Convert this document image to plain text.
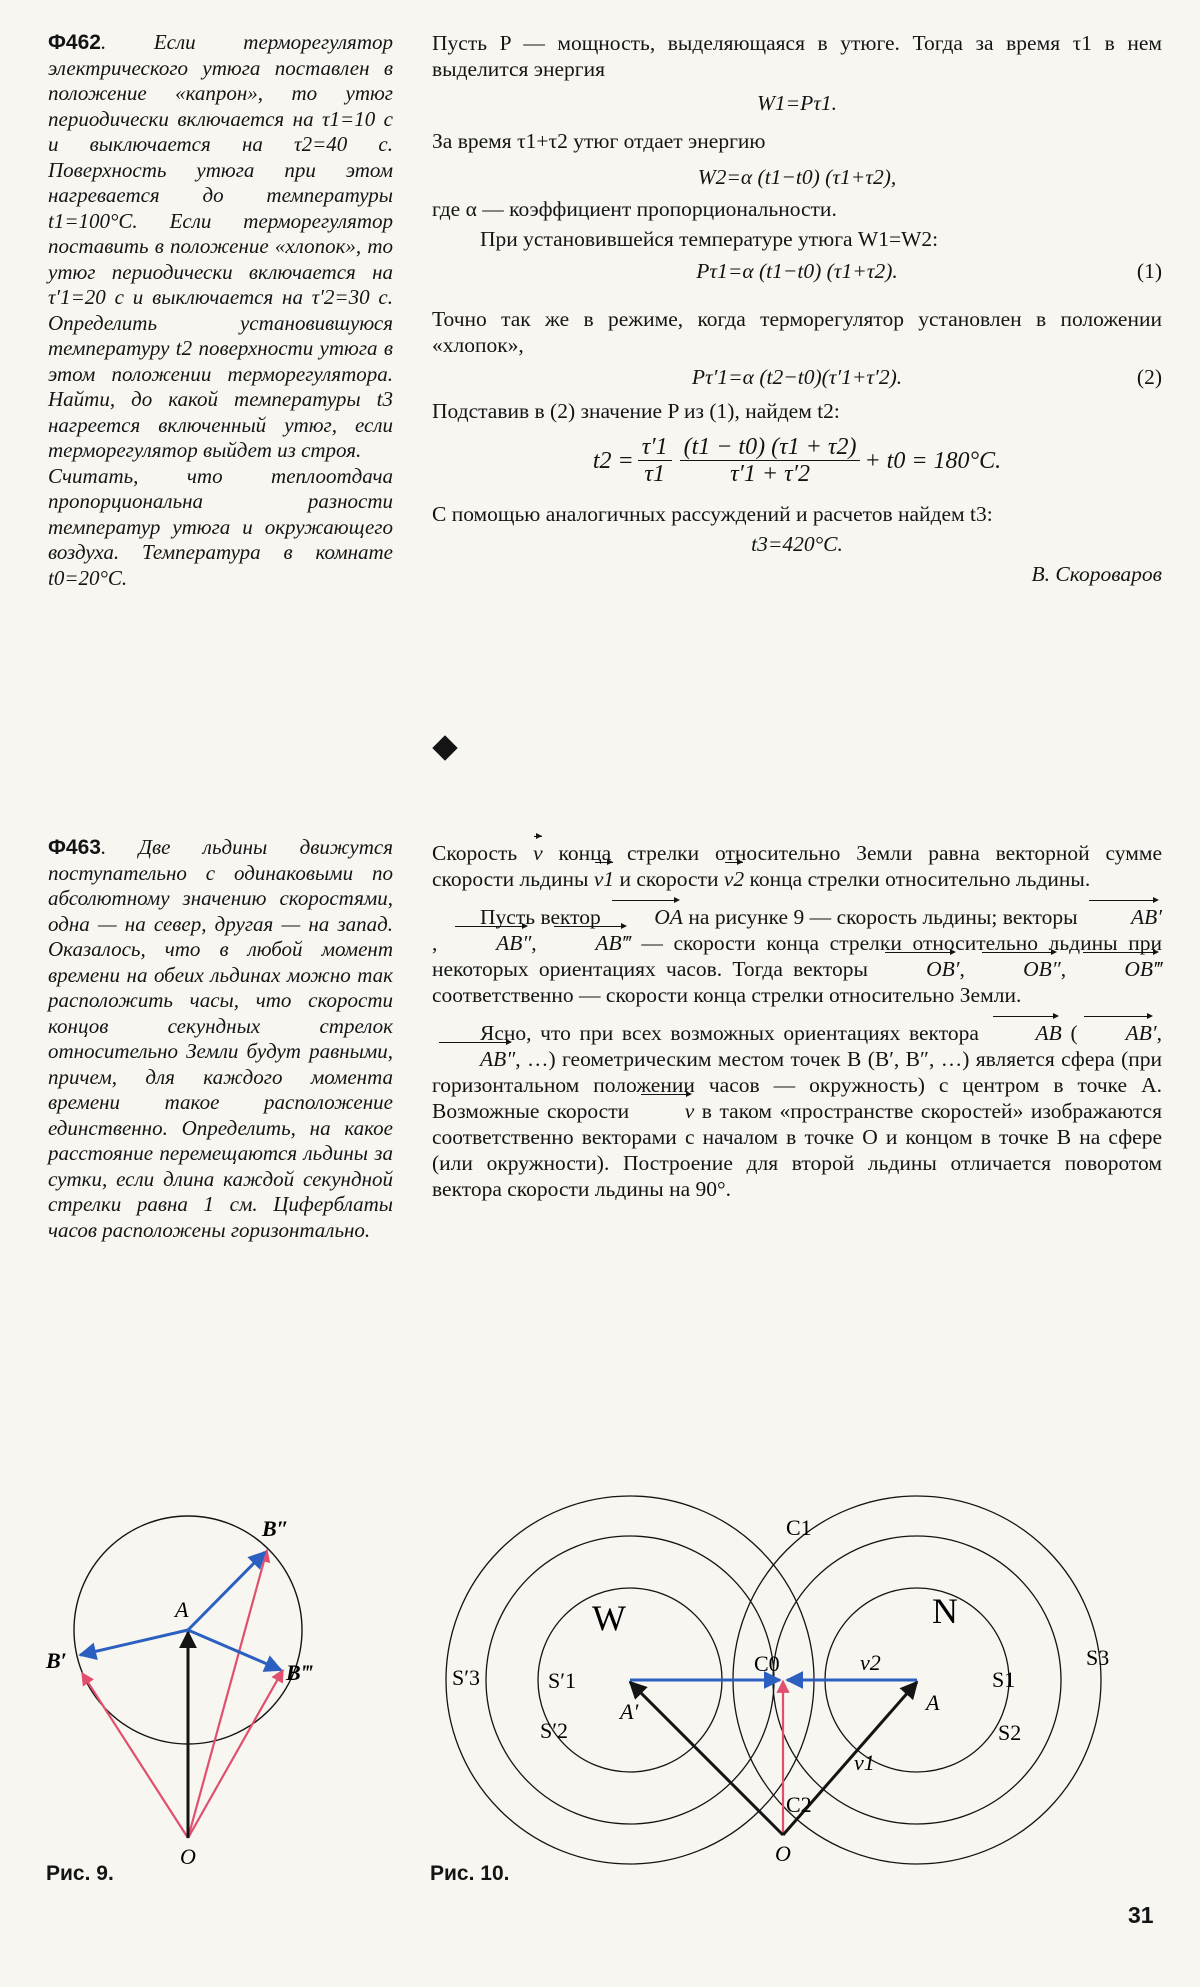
Ф462. Если терморегулятор электрического утюга поставлен в положение «капрон», то утюг периодически включается на τ1=10 с и выключается на τ2=40 с. Поверхность утюга при этом нагревается до температуры t1=100°C. Если терморегулятор поставить в положение «хлопок», то утюг периодически включается на τ′1=20 с и выключается на τ′2=30 с. Определить установившуюся температуру t2 поверхности утюга в этом положении терморегулятора. Найти, до какой температуры t3 нагреется включенный утюг, если терморегулятор выйдет из строя.

Считать, что теплоотдача пропорциональна разности температур утюга и окружающего воздуха. Температура в комнате t0=20°C.

Пусть P — мощность, выделяющаяся в утюге. Тогда за время τ1 в нем выделится энергия

W1=Pτ1.

За время τ1+τ2 утюг отдает энергию

W2=α (t1−t0) (τ1+τ2),

где α — коэффициент пропорциональности.

При установившейся температуре утюга W1=W2:

Pτ1=α (t1−t0) (τ1+τ2).	(1)

Точно так же в режиме, когда терморегулятор установлен в положении «хлопок»,

Pτ′1=α (t2−t0)(τ′1+τ′2).	(2)

Подставив в (2) значение P из (1), найдем t2:

$t2 = \frac{\tau'1}{\tau 1} \frac{(t1 - t0) (\tau 1 + \tau 2)}{\tau'1 + \tau'2} + t0 = 180^\circ C$.

С помощью аналогичных рассуждений и расчетов найдем t3:

t3=420°C.

В. Скороваров

Ф463. Две льдины движутся поступательно с одинаковыми по абсолютному значению скоростями, одна — на север, другая — на запад. Оказалось, что в любой момент времени на обеих льдинах можно так расположить часы, что скорости концов секундных стрелок относительно Земли будут равными, причем, для каждого момента времени такое расположение единственно. Определить, на какое расстояние перемещаются льдины за сутки, если длина каждой секундной стрелки равна 1 см. Циферблаты часов расположены горизонтально.

Скорость v конца стрелки относительно Земли равна векторной сумме скорости льдины v1 и скорости v2 конца стрелки относительно льдины.

Пусть вектор OA на рисунке 9 — скорость льдины; векторы AB′, AB″, AB‴ — скорости конца стрелки относительно льдины при некоторых ориентациях часов. Тогда векторы OB′, OB″, OB‴ соответственно — скорости конца стрелки относительно Земли.

Ясно, что при всех возможных ориентациях вектора AB ( AB′, AB″, …) геометрическим местом точек B (B′, B″, …) является сфера (при горизонтальном положении часов — окружность) с центром в точке A. Возможные скорости v в таком «пространстве скоростей» изображаются соответственно векторами с началом в точке O и концом в точке B на сфере (или окружности). Построение для второй льдины отличается поворотом вектора скорости льдины на 90°.

A
O
B′
B″
B‴
Рис. 9.
W	N
C0
C1
C2
A
A′
O
S1
S2
S3
S′1
S′2
S′3
v2
v1
Рис. 10.
31
